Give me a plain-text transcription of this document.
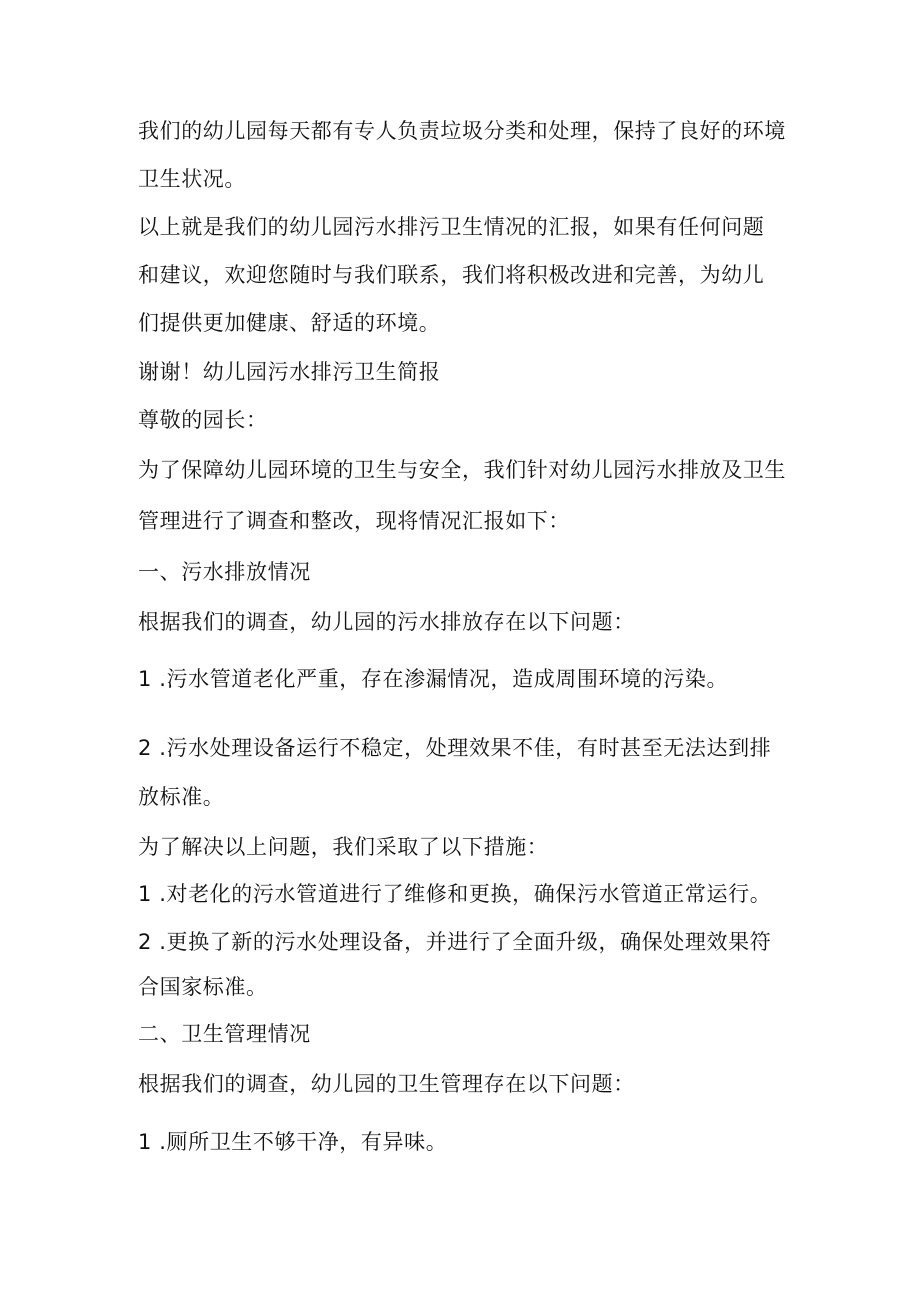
我们的幼儿园每天都有专人负责垃圾分类和处理，保持了良好的环境

卫生状况。

以上就是我们的幼儿园污水排污卫生情况的汇报，如果有任何问题

和建议，欢迎您随时与我们联系，我们将积极改进和完善，为幼儿

们提供更加健康、舒适的环境。

谢谢！幼儿园污水排污卫生简报

尊敬的园长：

为了保障幼儿园环境的卫生与安全，我们针对幼儿园污水排放及卫生

管理进行了调查和整改，现将情况汇报如下：

一、污水排放情况

根据我们的调查，幼儿园的污水排放存在以下问题：

1 .污水管道老化严重，存在渗漏情况，造成周围环境的污染。

2 .污水处理设备运行不稳定，处理效果不佳，有时甚至无法达到排

放标准。

为了解决以上问题，我们采取了以下措施：

1 .对老化的污水管道进行了维修和更换，确保污水管道正常运行。

2 .更换了新的污水处理设备，并进行了全面升级，确保处理效果符

合国家标准。

二、卫生管理情况

根据我们的调查，幼儿园的卫生管理存在以下问题：

1 .厕所卫生不够干净，有异味。
